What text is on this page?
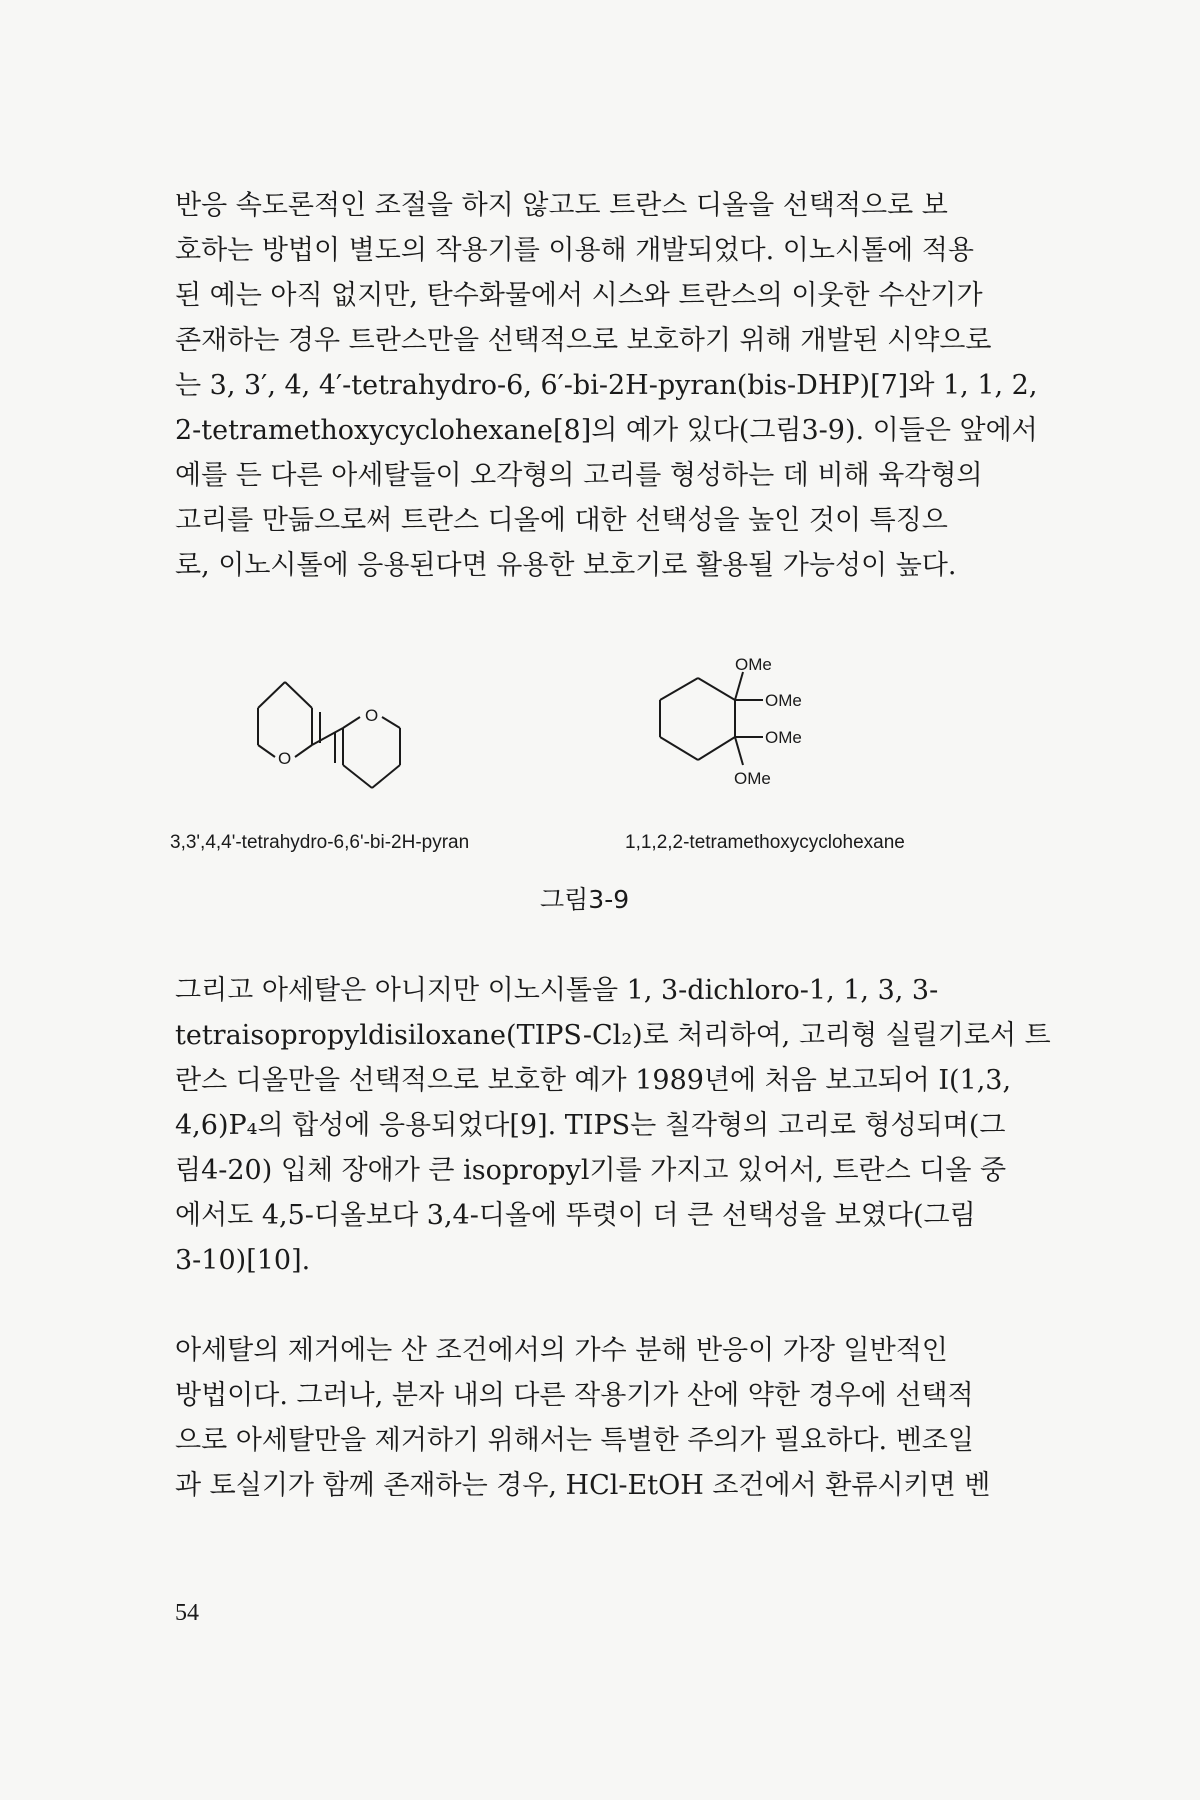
반응 속도론적인 조절을 하지 않고도 트란스 디올을 선택적으로 보
호하는 방법이 별도의 작용기를 이용해 개발되었다. 이노시톨에 적용
된 예는 아직 없지만, 탄수화물에서 시스와 트란스의 이웃한 수산기가
존재하는 경우 트란스만을 선택적으로 보호하기 위해 개발된 시약으로
는 3, 3′, 4, 4′-tetrahydro-6, 6′-bi-2H-pyran(bis-DHP)[7]와 1, 1, 2,
2-tetramethoxycyclohexane[8]의 예가 있다(그림3-9). 이들은 앞에서
예를 든 다른 아세탈들이 오각형의 고리를 형성하는 데 비해 육각형의
고리를 만듦으로써 트란스 디올에 대한 선택성을 높인 것이 특징으
로, 이노시톨에 응용된다면 유용한 보호기로 활용될 가능성이 높다.

O
O
OMe
OMe
OMe
OMe
3,3',4,4'-tetrahydro-6,6'-bi-2H-pyran	1,1,2,2-tetramethoxycyclohexane
그림3-9

그리고 아세탈은 아니지만 이노시톨을 1, 3-dichloro-1, 1, 3, 3-
tetraisopropyldisiloxane(TIPS-Cl₂)로 처리하여, 고리형 실릴기로서 트
란스 디올만을 선택적으로 보호한 예가 1989년에 처음 보고되어 I(1,3,
4,6)P₄의 합성에 응용되었다[9]. TIPS는 칠각형의 고리로 형성되며(그
림4-20) 입체 장애가 큰 isopropyl기를 가지고 있어서, 트란스 디올 중
에서도 4,5-디올보다 3,4-디올에 뚜렷이 더 큰 선택성을 보였다(그림
3-10)[10].

아세탈의 제거에는 산 조건에서의 가수 분해 반응이 가장 일반적인
방법이다. 그러나, 분자 내의 다른 작용기가 산에 약한 경우에 선택적
으로 아세탈만을 제거하기 위해서는 특별한 주의가 필요하다. 벤조일
과 토실기가 함께 존재하는 경우, HCl-EtOH 조건에서 환류시키면 벤

54
